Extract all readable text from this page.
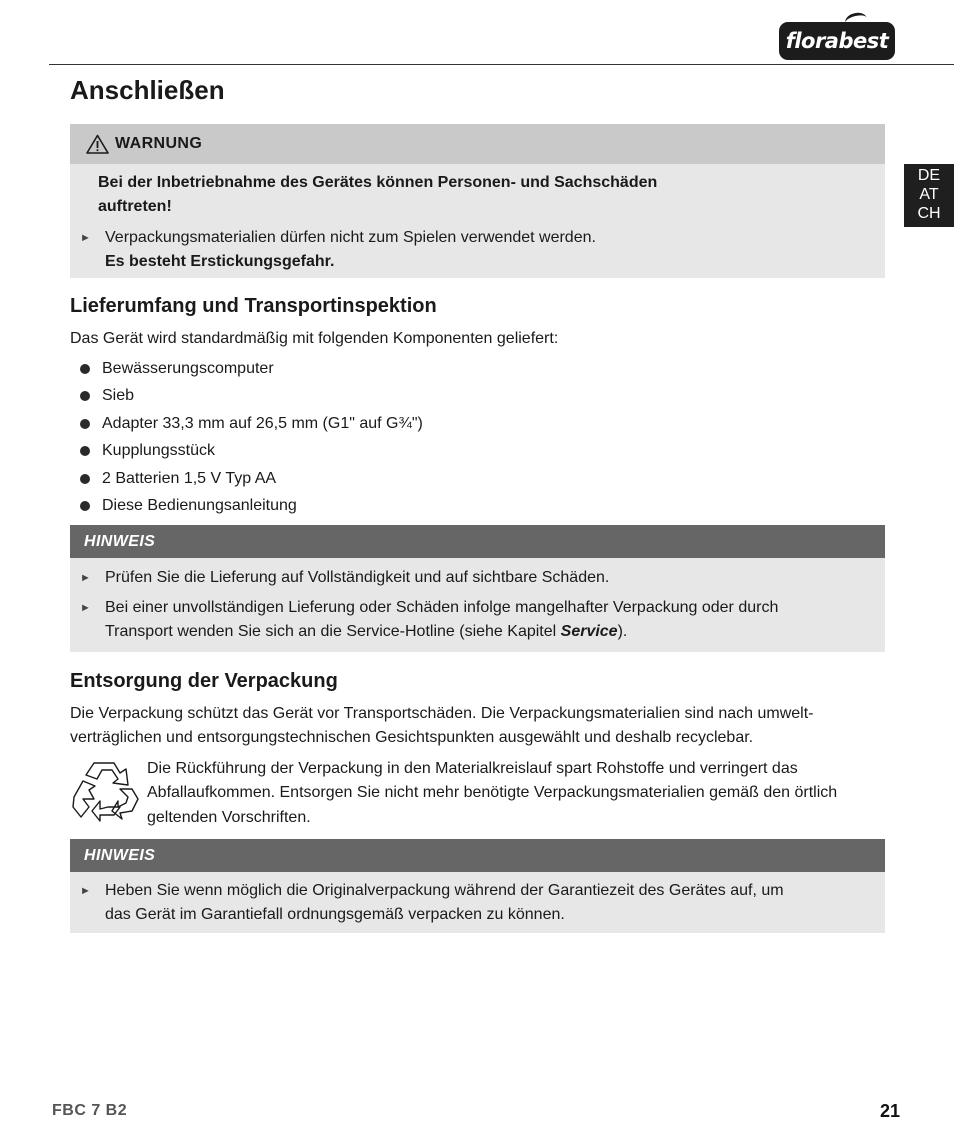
florabest
DE
AT
CH
Anschließen
WARNUNG
Bei der Inbetriebnahme des Gerätes können Personen- und Sachschäden
auftreten!
► Verpackungsmaterialien dürfen nicht zum Spielen verwendet werden.
Es besteht Erstickungsgefahr.
Lieferumfang und Transportinspektion
Das Gerät wird standardmäßig mit folgenden Komponenten geliefert:
Bewässerungscomputer
Sieb
Adapter 33,3 mm auf 26,5 mm (G1" auf G¾")
Kupplungsstück
2 Batterien 1,5 V Typ AA
Diese Bedienungsanleitung
HINWEIS
► Prüfen Sie die Lieferung auf Vollständigkeit und auf sichtbare Schäden.
► Bei einer unvollständigen Lieferung oder Schäden infolge mangelhafter Verpackung oder durch
Transport wenden Sie sich an die Service-Hotline (siehe Kapitel Service).
Entsorgung der Verpackung
Die Verpackung schützt das Gerät vor Transportschäden. Die Verpackungsmaterialien sind nach umwelt-
verträglichen und entsorgungstechnischen Gesichtspunkten ausgewählt und deshalb recyclebar.
Die Rückführung der Verpackung in den Materialkreislauf spart Rohstoffe und verringert das
Abfallaufkommen. Entsorgen Sie nicht mehr benötigte Verpackungsmaterialien gemäß den örtlich
geltenden Vorschriften.
HINWEIS
► Heben Sie wenn möglich die Originalverpackung während der Garantiezeit des Gerätes auf, um
das Gerät im Garantiefall ordnungsgemäß verpacken zu können.
FBC 7 B2	21
